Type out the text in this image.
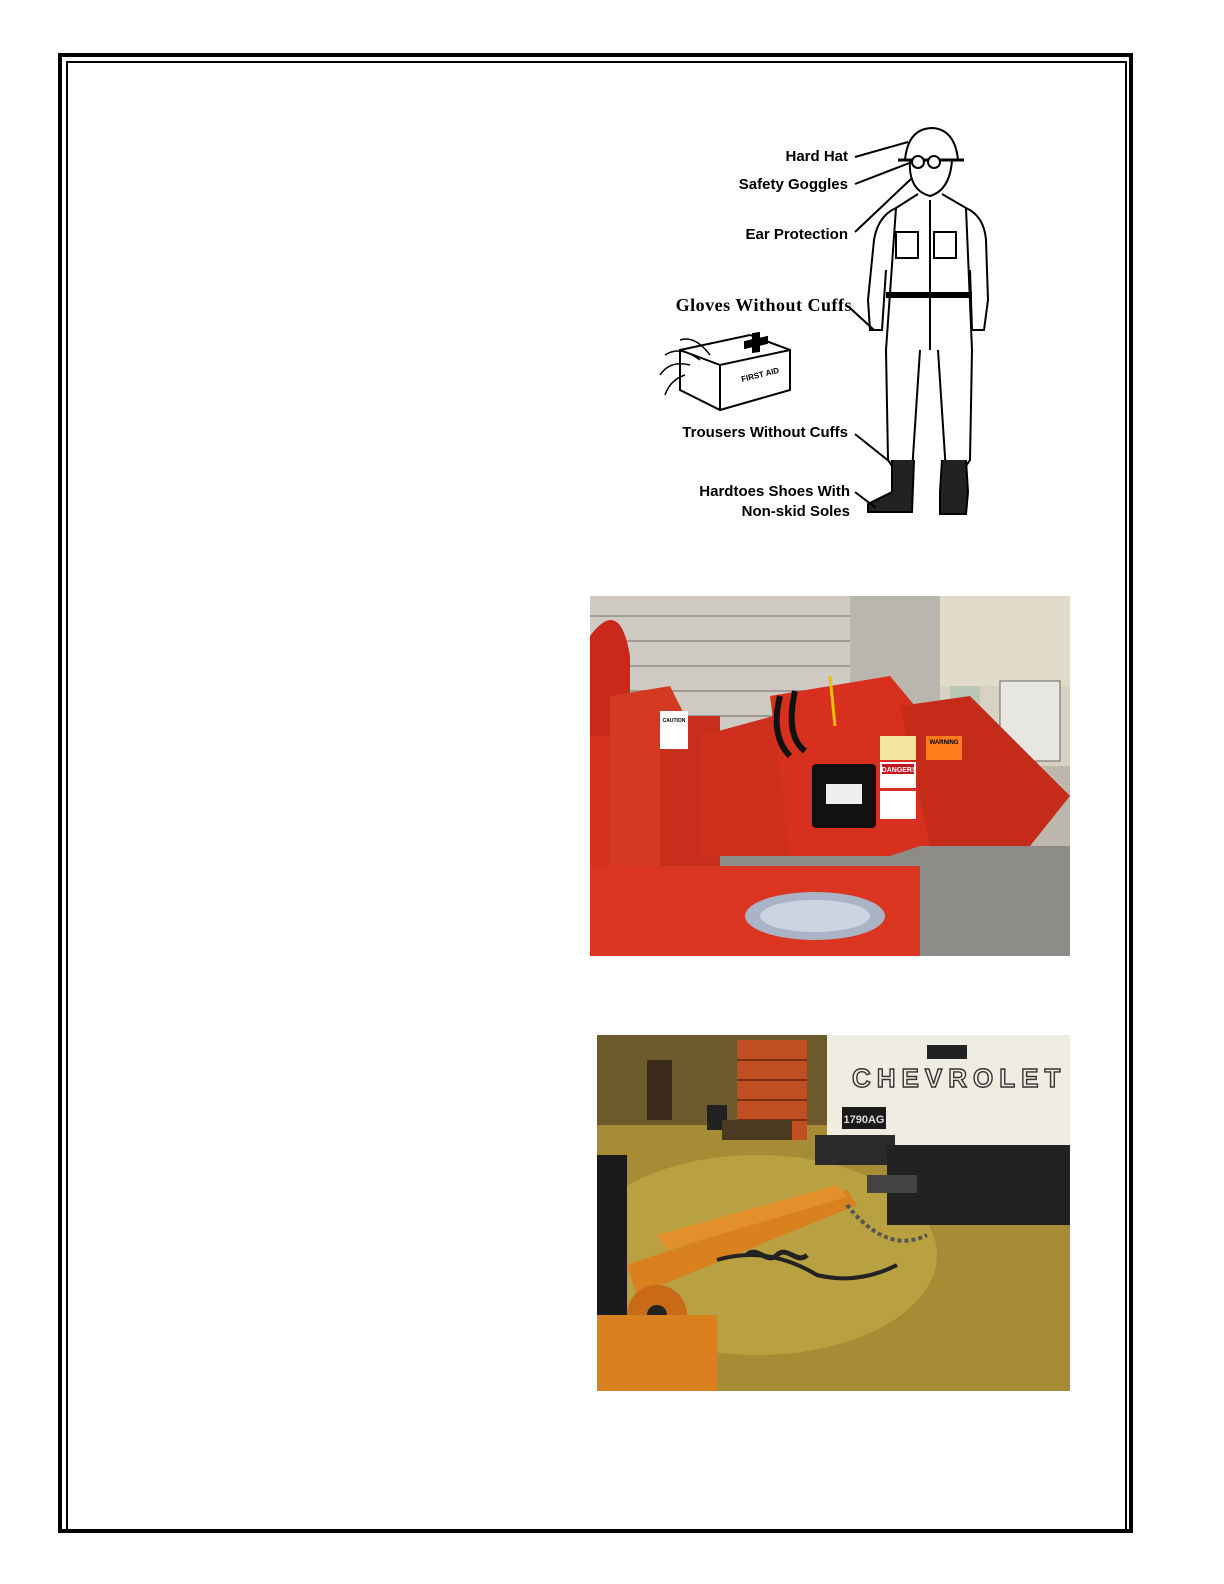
FIRST AID
Hard Hat
Safety Goggles
Ear Protection
Gloves Without Cuffs
Trousers Without Cuffs
Hardtoes Shoes With
Non-skid Soles
DANGER!
WARNING
CAUTION
CHEVROLET
1790AG
